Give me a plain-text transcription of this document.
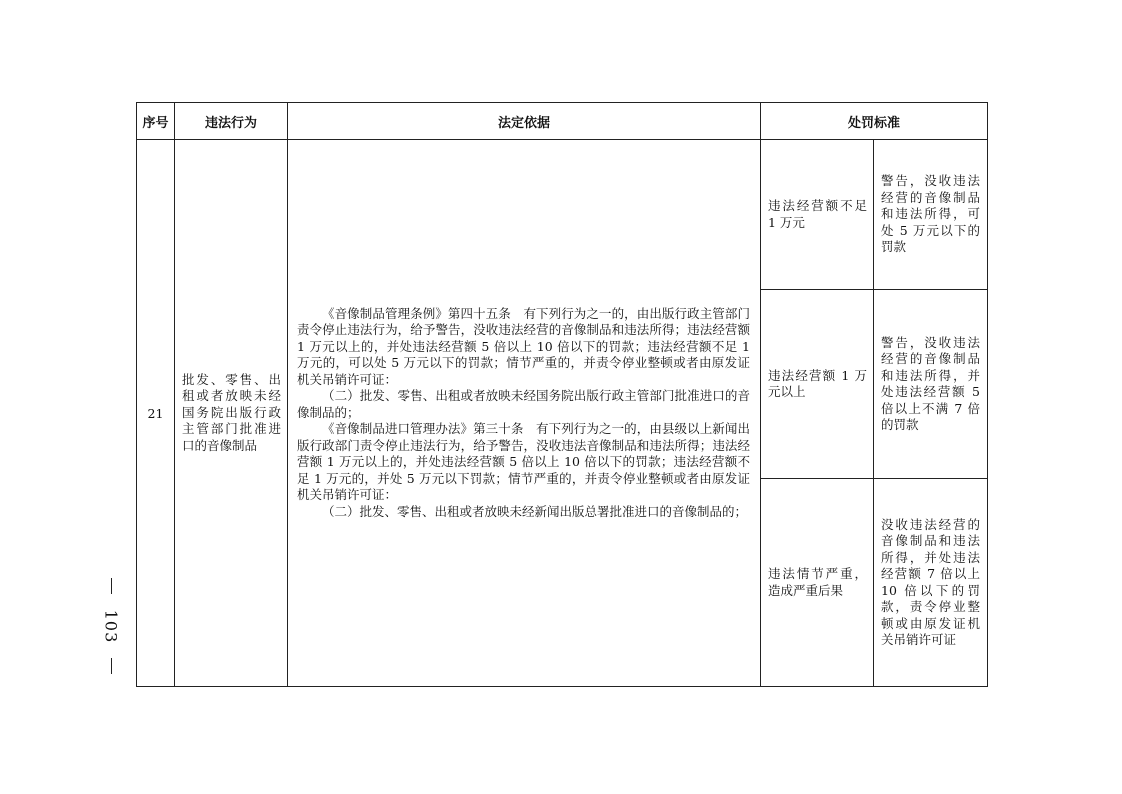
序号	违法行为	法定依据	处罚标准	
21	批发、零售、出租或者放映未经国务院出版行政主管部门批准进口的音像制品	《音像制品管理条例》第四十五条　有下列行为之一的，由出版行政主管部门责令停止违法行为，给予警告，没收违法经营的音像制品和违法所得；违法经营额 1 万元以上的，并处违法经营额 5 倍以上 10 倍以下的罚款；违法经营额不足 1 万元的，可以处 5 万元以下的罚款；情节严重的，并责令停业整顿或者由原发证机关吊销许可证：

（二）批发、零售、出租或者放映未经国务院出版行政主管部门批准进口的音像制品的；

《音像制品进口管理办法》第三十条　有下列行为之一的，由县级以上新闻出版行政部门责令停止违法行为，给予警告，没收违法音像制品和违法所得；违法经营额 1 万元以上的，并处违法经营额 5 倍以上 10 倍以下的罚款；违法经营额不足 1 万元的，并处 5 万元以下罚款；情节严重的，并责令停业整顿或者由原发证机关吊销许可证：

（二）批发、零售、出租或者放映未经新闻出版总署批准进口的音像制品的；	违法经营额不足 1 万元	警告，没收违法经营的音像制品和违法所得，可处 5 万元以下的罚款
			违法经营额 1 万元以上	警告，没收违法经营的音像制品和违法所得，并处违法经营额 5 倍以上不满 7 倍的罚款
			违法情节严重，造成严重后果	没收违法经营的音像制品和违法所得，并处违法经营额 7 倍以上 10 倍以下的罚款，责令停业整顿或由原发证机关吊销许可证
103
